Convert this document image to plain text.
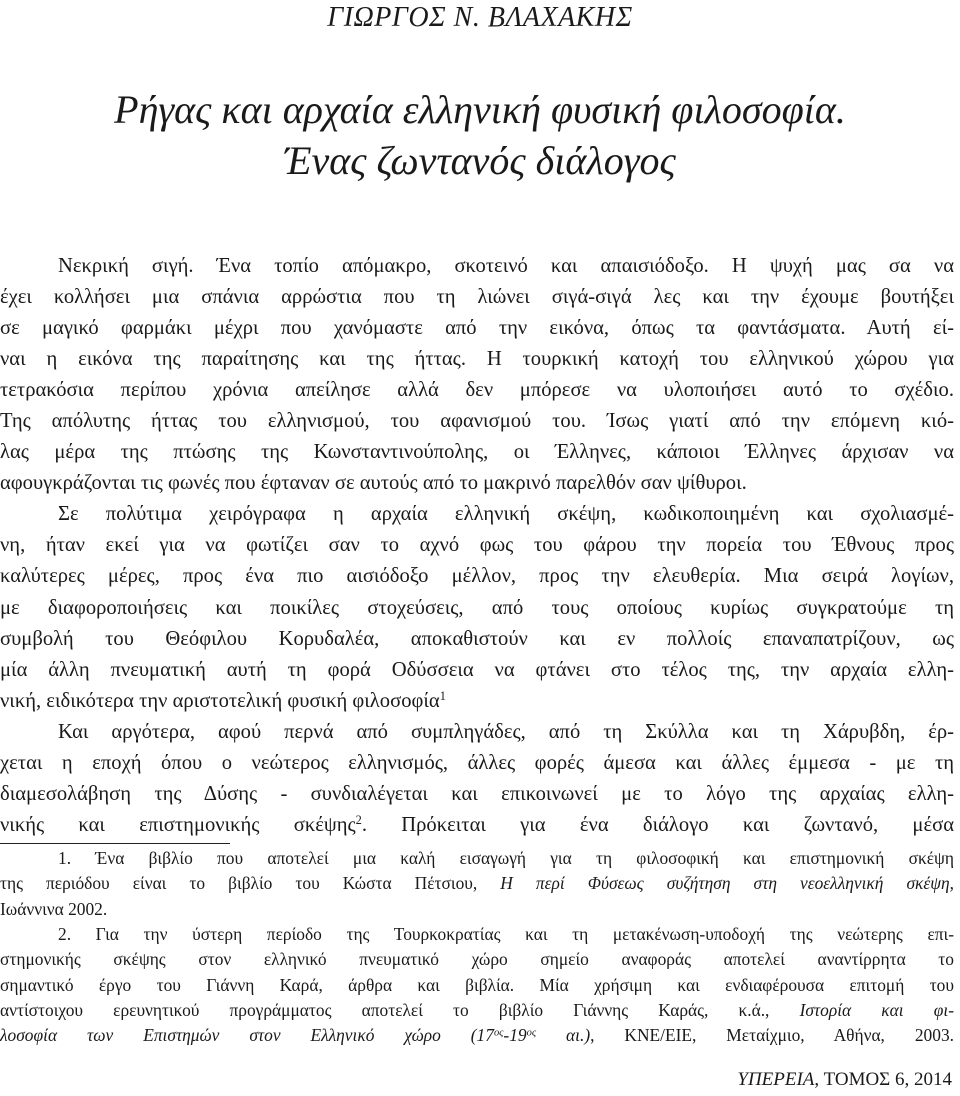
ΓΙΩΡΓΟΣ Ν. ΒΛΑΧΑΚΗΣ
Ρήγας και αρχαία ελληνική φυσική φιλοσοφία.
Ένας ζωντανός διάλογος
Νεκρική σιγή. Ένα τοπίο απόμακρο, σκοτεινό και απαισιόδοξο. Η ψυχή μας σα να
έχει κολλήσει μια σπάνια αρρώστια που τη λιώνει σιγά-σιγά λες και την έχουμε βουτήξει
σε μαγικό φαρμάκι μέχρι που χανόμαστε από την εικόνα, όπως τα φαντάσματα. Αυτή εί-
ναι η εικόνα της παραίτησης και της ήττας. Η τουρκική κατοχή του ελληνικού χώρου για
τετρακόσια περίπου χρόνια απείλησε αλλά δεν μπόρεσε να υλοποιήσει αυτό το σχέδιο.
Της απόλυτης ήττας του ελληνισμού, του αφανισμού του. Ίσως γιατί από την επόμενη κιό-
λας μέρα της πτώσης της Κωνσταντινούπολης, οι Έλληνες, κάποιοι Έλληνες άρχισαν να
αφουγκράζονται τις φωνές που έφταναν σε αυτούς από το μακρινό παρελθόν σαν ψίθυροι.
Σε πολύτιμα χειρόγραφα η αρχαία ελληνική σκέψη, κωδικοποιημένη και σχολιασμέ-
νη, ήταν εκεί για να φωτίζει σαν το αχνό φως του φάρου την πορεία του Έθνους προς
καλύτερες μέρες, προς ένα πιο αισιόδοξο μέλλον, προς την ελευθερία. Μια σειρά λογίων,
με διαφοροποιήσεις και ποικίλες στοχεύσεις, από τους οποίους κυρίως συγκρατούμε τη
συμβολή του Θεόφιλου Κορυδαλέα, αποκαθιστούν και εν πολλοίς επαναπατρίζουν, ως
μία άλλη πνευματική αυτή τη φορά Οδύσσεια να φτάνει στο τέλος της, την αρχαία ελλη-
νική, ειδικότερα την αριστοτελική φυσική φιλοσοφία$^1$
Και αργότερα, αφού περνά από συμπληγάδες, από τη Σκύλλα και τη Χάρυβδη, έρ-
χεται η εποχή όπου ο νεώτερος ελληνισμός, άλλες φορές άμεσα και άλλες έμμεσα - με τη
διαμεσολάβηση της Δύσης - συνδιαλέγεται και επικοινωνεί με το λόγο της αρχαίας ελλη-
νικής και επιστημονικής σκέψης$^2$. Πρόκειται για ένα διάλογο και ζωντανό, μέσα
1. Ένα βιβλίο που αποτελεί μια καλή εισαγωγή για τη φιλοσοφική και επιστημονική σκέψη
της περιόδου είναι το βιβλίο του Κώστα Πέτσιου, Η περί Φύσεως συζήτηση στη νεοελληνική σκέψη,
Ιωάννινα 2002.
2. Για την ύστερη περίοδο της Τουρκοκρατίας και τη μετακένωση-υποδοχή της νεώτερης επι-
στημονικής σκέψης στον ελληνικό πνευματικό χώρο σημείο αναφοράς αποτελεί αναντίρρητα το
σημαντικό έργο του Γιάννη Καρά, άρθρα και βιβλία. Μία χρήσιμη και ενδιαφέρουσα επιτομή του
αντίστοιχου ερευνητικού προγράμματος αποτελεί το βιβλίο Γιάννης Καράς, κ.ά., Ιστορία και φι-
λοσοφία των Επιστημών στον Ελληνικό χώρο ($17^{o\varsigma}-19^{o\varsigma}$ αι.), ΚΝΕ/ΕΙΕ, Μεταίχμιο, Αθήνα, 2003.
ΥΠΕΡΕΙΑ, ΤΟΜΟΣ 6, 2014
